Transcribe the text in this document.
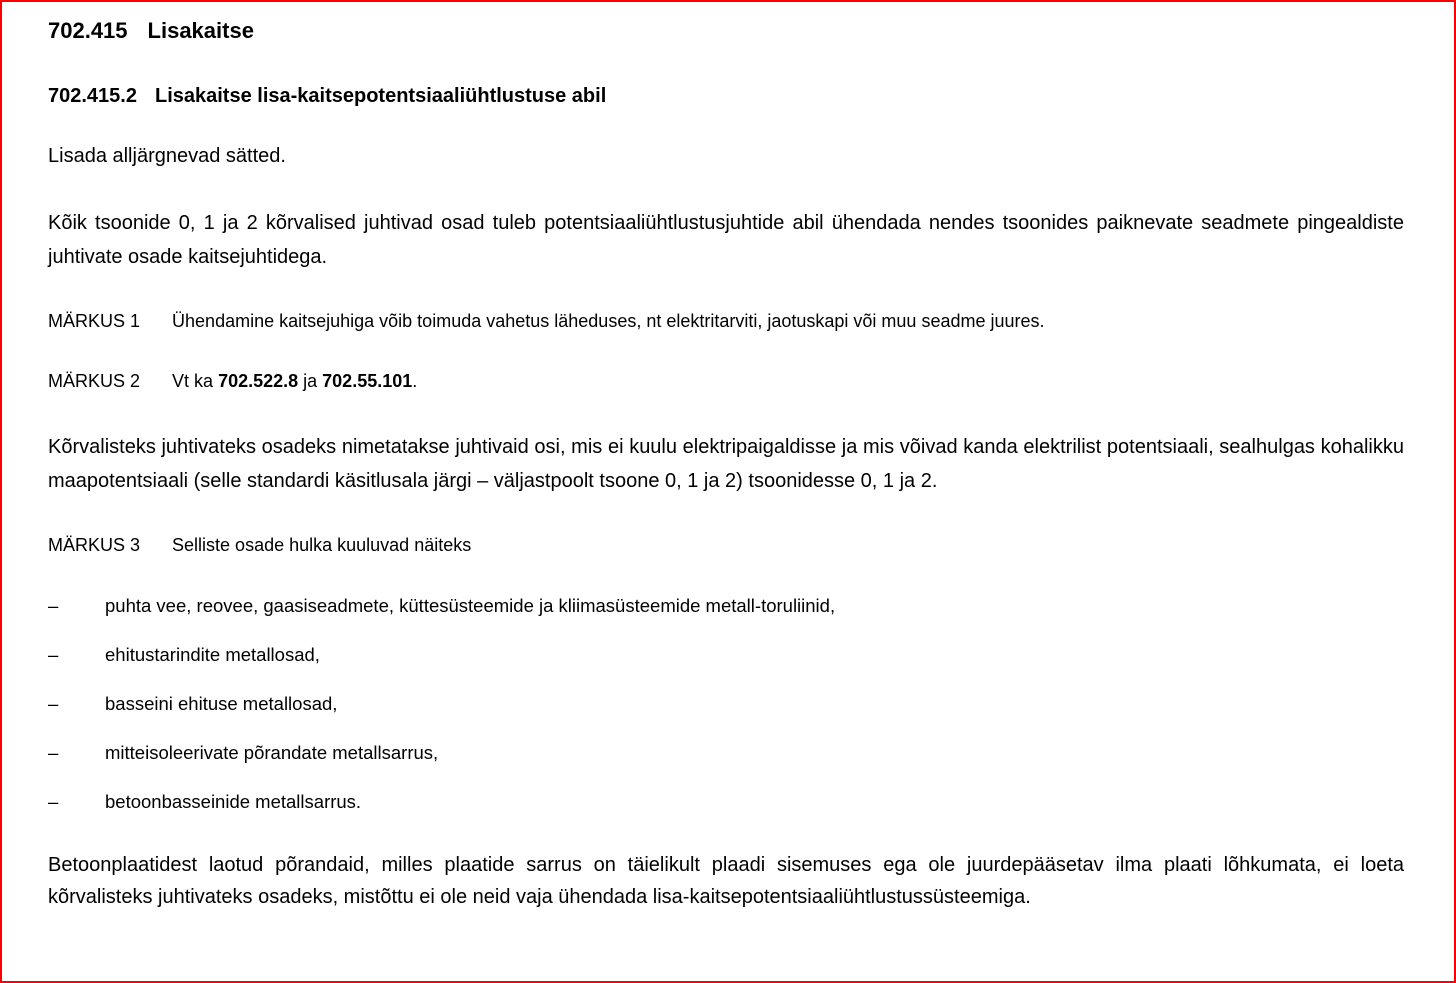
702.415 Lisakaitse
702.415.2 Lisakaitse lisa-kaitsepotentsiaaliühtlustuse abil

Lisada alljärgnevad sätted.

Kõik tsoonide 0, 1 ja 2 kõrvalised juhtivad osad tuleb potentsiaaliühtlustusjuhtide abil ühendada nendes tsoonides paiknevate seadmete pingealdiste juhtivate osade kaitsejuhtidega.

MÄRKUS 1 Ühendamine kaitsejuhiga võib toimuda vahetus läheduses, nt elektritarviti, jaotuskapi või muu seadme juures.

MÄRKUS 2 Vt ka 702.522.8 ja 702.55.101.

Kõrvalisteks juhtivateks osadeks nimetatakse juhtivaid osi, mis ei kuulu elektripaigaldisse ja mis võivad kanda elektrilist potentsiaali, sealhulgas kohalikku maapotentsiaali (selle standardi käsitlusala järgi – väljastpoolt tsoone 0, 1 ja 2) tsoonidesse 0, 1 ja 2.

MÄRKUS 3 Selliste osade hulka kuuluvad näiteks

–	puhta vee, reovee, gaasiseadmete, küttesüsteemide ja kliimasüsteemide metall-toruliinid,
–	ehitustarindite metallosad,
–	basseini ehituse metallosad,
–	mitteisoleerivate põrandate metallsarrus,
–	betoonbasseinide metallsarrus.

Betoonplaatidest laotud põrandaid, milles plaatide sarrus on täielikult plaadi sisemuses ega ole juurdepääsetav ilma plaati lõhkumata, ei loeta kõrvalisteks juhtivateks osadeks, mistõttu ei ole neid vaja ühendada lisa-kaitsepotentsiaaliühtlustussüsteemiga.
